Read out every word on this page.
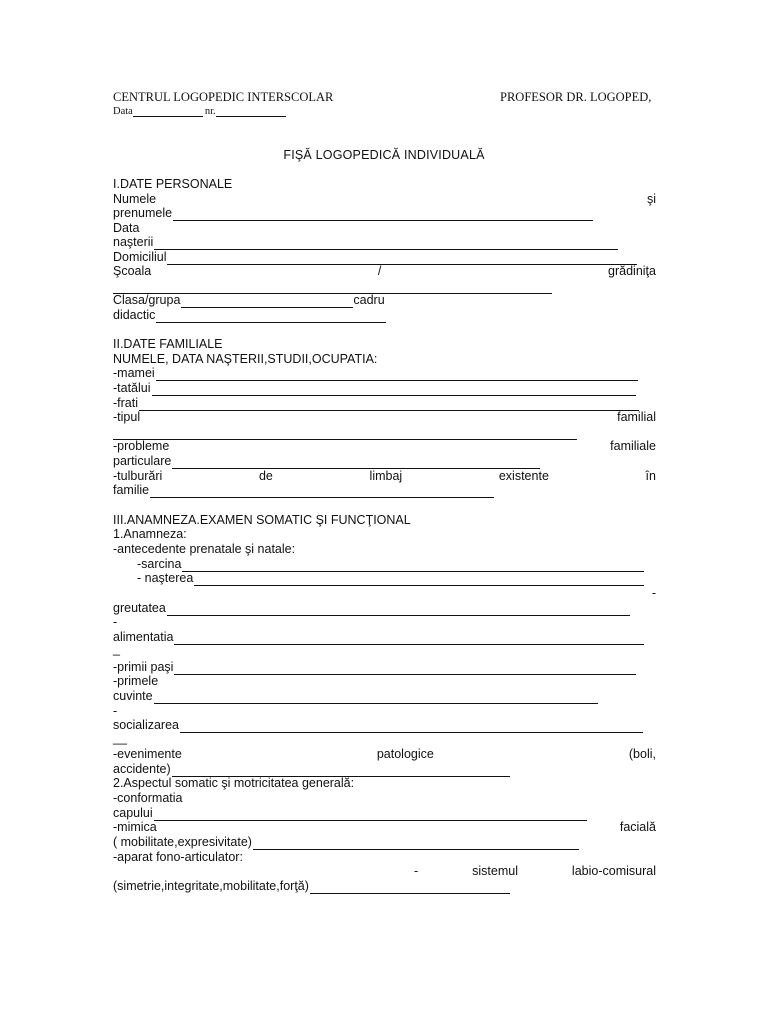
CENTRUL LOGOPEDIC INTERSCOLAR	PROFESOR DR. LOGOPED,
Data	nr.
FIŞĂ LOGOPEDICĂ INDIVIDUALĂ
I.DATE PERSONALE
Numele	şi
prenumele
Data
naşterii
Domiciliul
Şcoala	/	grădiniţa
Clasa/grupa	cadru
didactic
II.DATE FAMILIALE
NUMELE, DATA NAŞTERII,STUDII,OCUPATIA:
-mamei
-tatălui
-frati
-tipul	familial
-probleme	familiale
particulare
-tulburări	de	limbaj	existente	în
familie
III.ANAMNEZA.EXAMEN SOMATIC ŞI FUNCŢIONAL
1.Anamneza:
-antecedente prenatale şi natale:
-sarcina
- naşterea
-
greutatea
-
alimentatia
_
-primii paşi
-primele
cuvinte
-
socializarea
__
-evenimente	patologice	(boli,
accidente)
2.Aspectul somatic şi motricitatea generală:
-conformatia
capului
-mimica	facială
( mobilitate,expresivitate)
-aparat fono-articulator:
-	sistemul	labio-comisural
(simetrie,integritate,mobilitate,forţă)
